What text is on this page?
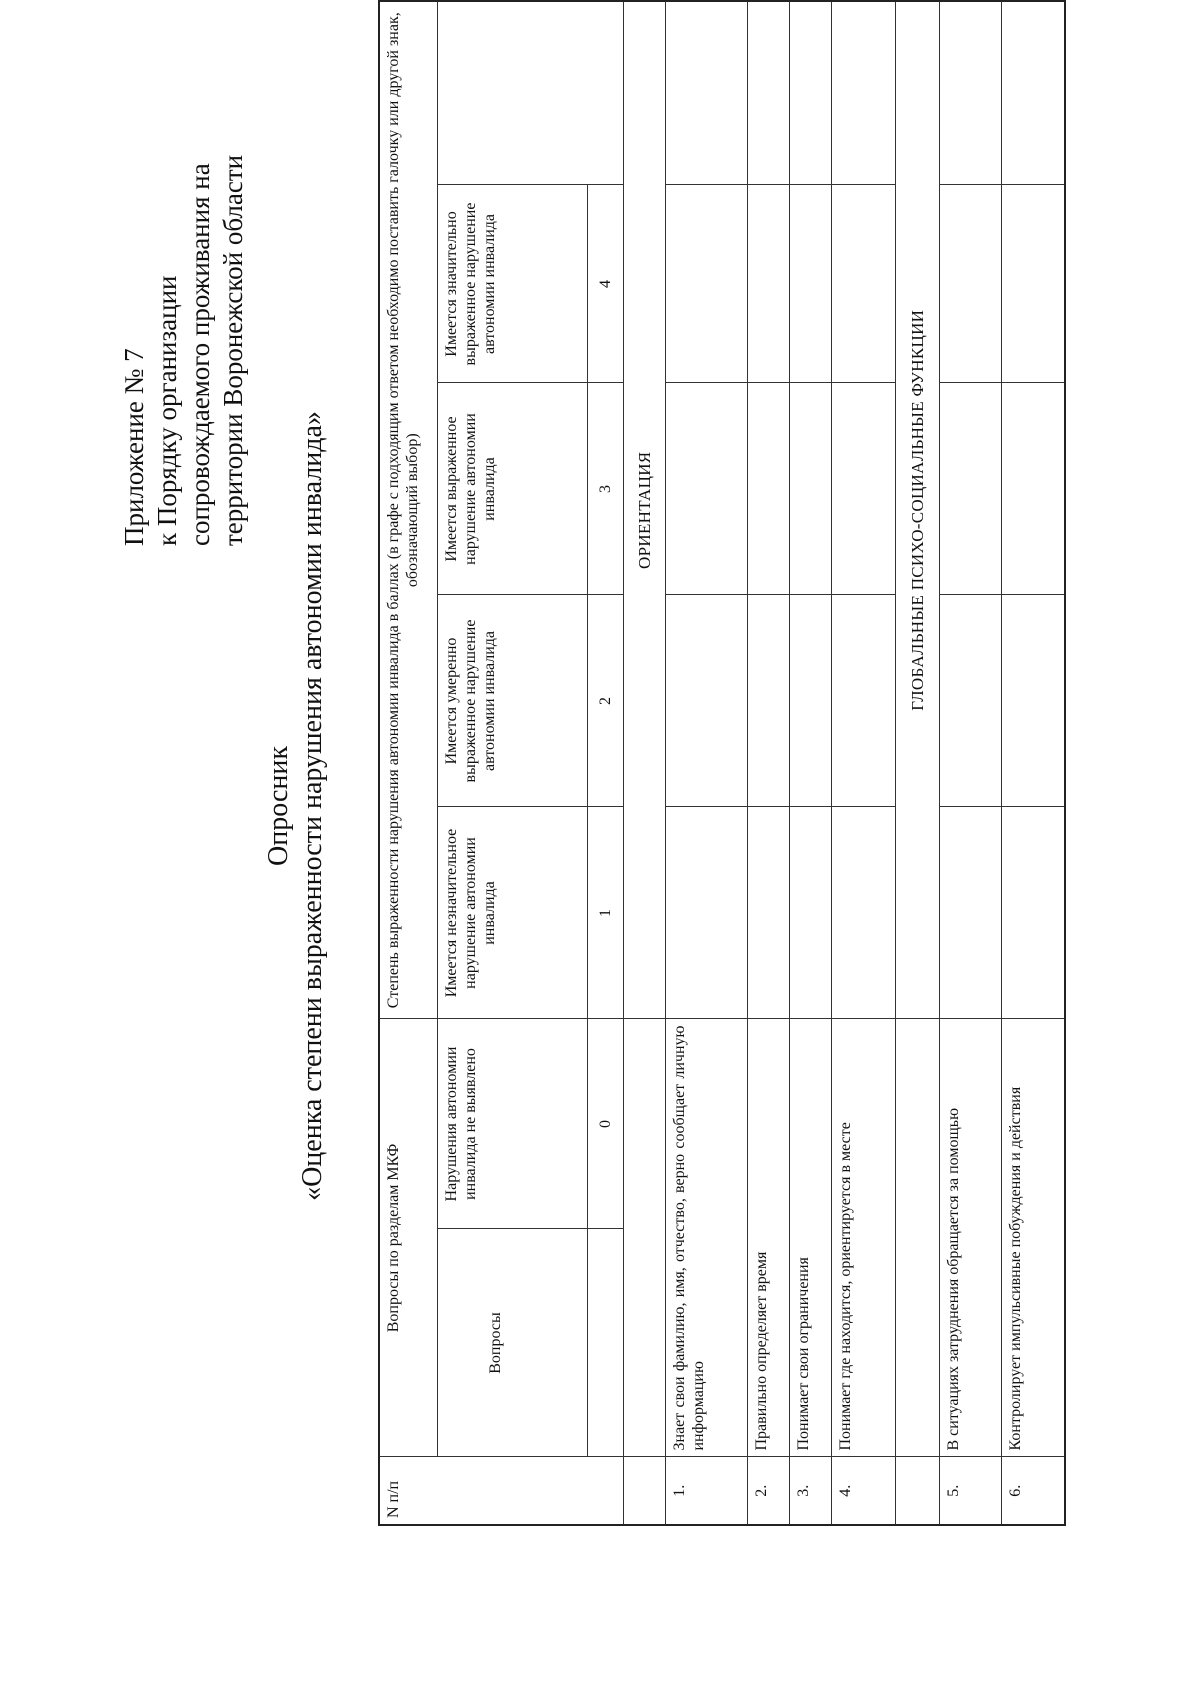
Приложение № 7 к Порядку организации сопровождаемого проживания на территории Воронежской области
Опросник «Оценка степени выраженности нарушения автономии инвалида»
N п/п	Вопросы по разделам МКФ		Степень выраженности нарушения автономии инвалида в баллах (в графе с подходящим ответом необходимо поставить галочку или другой знак, обозначающий выбор)				
	Вопросы	Нарушения автономии инвалида не выявлено	Имеется незначительное нарушение автономии инвалида	Имеется умеренно выраженное нарушение автономии инвалида	Имеется выраженное нарушение автономии инвалида	Имеется значительно выраженное нарушение автономии инвалида	
		0	1	2	3	4	
			ОРИЕНТАЦИЯ				
1.	Знает свои фамилию, имя, отчество, верно сообщает личную информацию						
2.	Правильно определяет время						
3.	Понимает свои ограничения						
4.	Понимает где находится, ориентируется в месте						
			ГЛОБАЛЬНЫЕ ПСИХО-СОЦИАЛЬНЫЕ ФУНКЦИИ				
5.	В ситуациях затруднения обращается за помощью						
6.	Контролирует импульсивные побуждения и действия						
